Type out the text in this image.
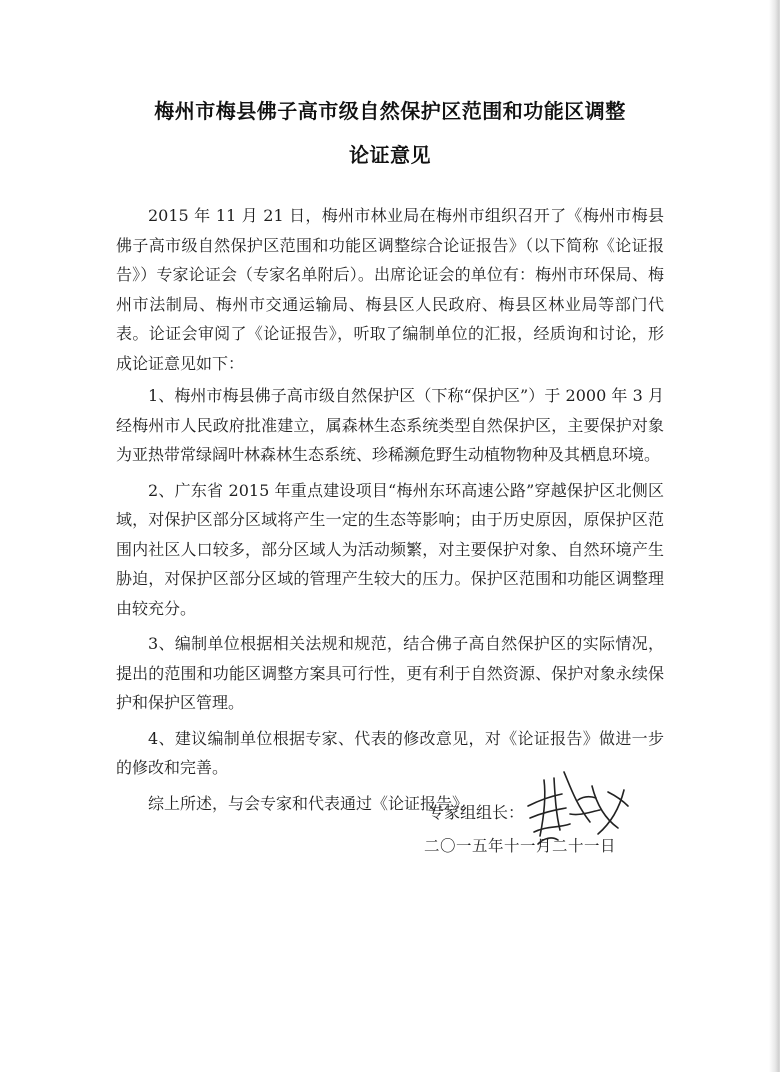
梅州市梅县佛子高市级自然保护区范围和功能区调整
论证意见

2015 年 11 月 21 日，梅州市林业局在梅州市组织召开了《梅州市梅县佛子高市级自然保护区范围和功能区调整综合论证报告》（以下简称《论证报告》）专家论证会（专家名单附后）。出席论证会的单位有：梅州市环保局、梅州市法制局、梅州市交通运输局、梅县区人民政府、梅县区林业局等部门代表。论证会审阅了《论证报告》，听取了编制单位的汇报，经质询和讨论，形成论证意见如下：

1、梅州市梅县佛子高市级自然保护区（下称“保护区”）于 2000 年 3 月经梅州市人民政府批准建立，属森林生态系统类型自然保护区，主要保护对象为亚热带常绿阔叶林森林生态系统、珍稀濒危野生动植物物种及其栖息环境。

2、广东省 2015 年重点建设项目“梅州东环高速公路”穿越保护区北侧区域，对保护区部分区域将产生一定的生态等影响；由于历史原因，原保护区范围内社区人口较多，部分区域人为活动频繁，对主要保护对象、自然环境产生胁迫，对保护区部分区域的管理产生较大的压力。保护区范围和功能区调整理由较充分。

3、编制单位根据相关法规和规范，结合佛子高自然保护区的实际情况，提出的范围和功能区调整方案具可行性，更有利于自然资源、保护对象永续保护和保护区管理。

4、建议编制单位根据专家、代表的修改意见，对《论证报告》做进一步的修改和完善。

综上所述，与会专家和代表通过《论证报告》。

专家组组长：
二〇一五年十一月二十一日
